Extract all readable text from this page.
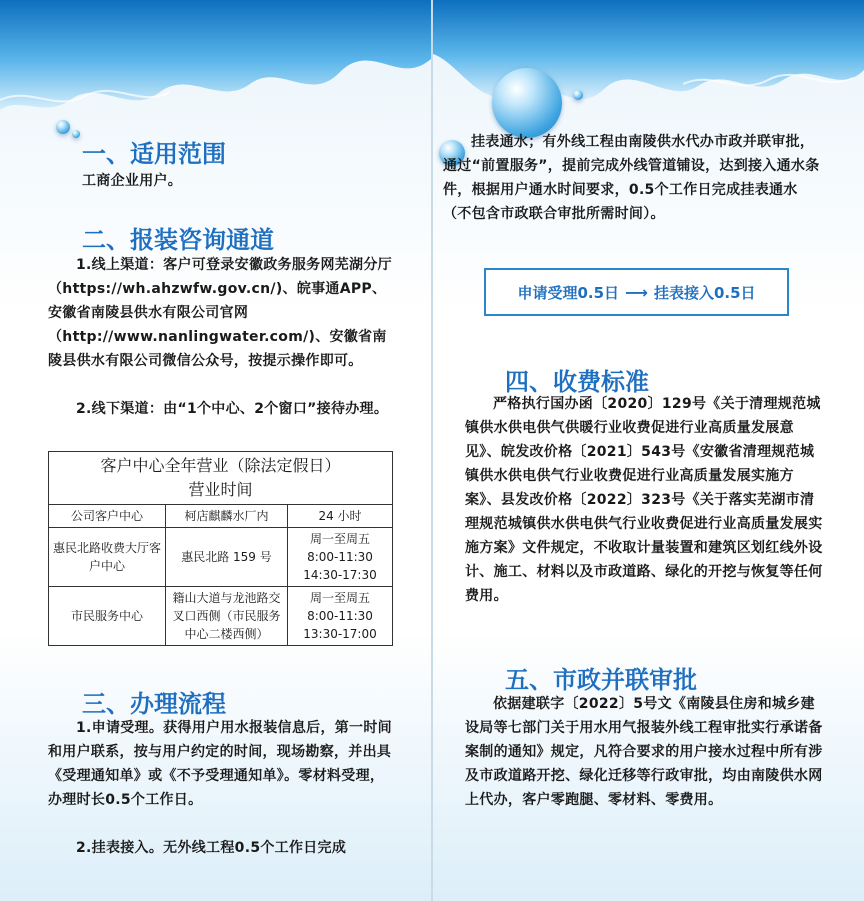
一、适用范围

工商企业用户。

二、报装咨询通道

1.线上渠道：客户可登录安徽政务服务网芜湖分厅（https://wh.ahzwfw.gov.cn/)、皖事通APP、安徽省南陵县供水有限公司官网（http://www.nanlingwater.com/)、安徽省南陵县供水有限公司微信公众号，按提示操作即可。

2.线下渠道：由“1个中心、2个窗口”接待办理。

客户中心全年营业（除法定假日）
营业时间		

公司客户中心	柯店麒麟水厂内	24 小时
惠民北路收费大厅客户中心	惠民北路 159 号	周一至周五
8:00-11:30
14:30-17:30

市民服务中心	籍山大道与龙池路交叉口西侧（市民服务中心二楼西侧）	周一至周五
8:00-11:30
13:30-17:00
三、办理流程

1.申请受理。获得用户用水报装信息后，第一时间和用户联系，按与用户约定的时间，现场勘察，并出具《受理通知单》或《不予受理通知单》。零材料受理，办理时长0.5个工作日。

2.挂表接入。无外线工程0.5个工作日完成

挂表通水；有外线工程由南陵供水代办市政并联审批，通过“前置服务”，提前完成外线管道铺设，达到接入通水条件，根据用户通水时间要求，0.5个工作日完成挂表通水（不包含市政联合审批所需时间）。

申请受理0.5日 ⟶ 挂表接入0.5日
四、收费标准

严格执行国办函〔2020〕129号《关于清理规范城镇供水供电供气供暖行业收费促进行业高质量发展意见》、皖发改价格〔2021〕543号《安徽省清理规范城镇供水供电供气行业收费促进行业高质量发展实施方案》、县发改价格〔2022〕323号《关于落实芜湖市清理规范城镇供水供电供气行业收费促进行业高质量发展实施方案》文件规定，不收取计量装置和建筑区划红线外设计、施工、材料以及市政道路、绿化的开挖与恢复等任何费用。

五、市政并联审批

依据建联字〔2022〕5号文《南陵县住房和城乡建设局等七部门关于用水用气报装外线工程审批实行承诺备案制的通知》规定，凡符合要求的用户接水过程中所有涉及市政道路开挖、绿化迁移等行政审批，均由南陵供水网上代办，客户零跑腿、零材料、零费用。
